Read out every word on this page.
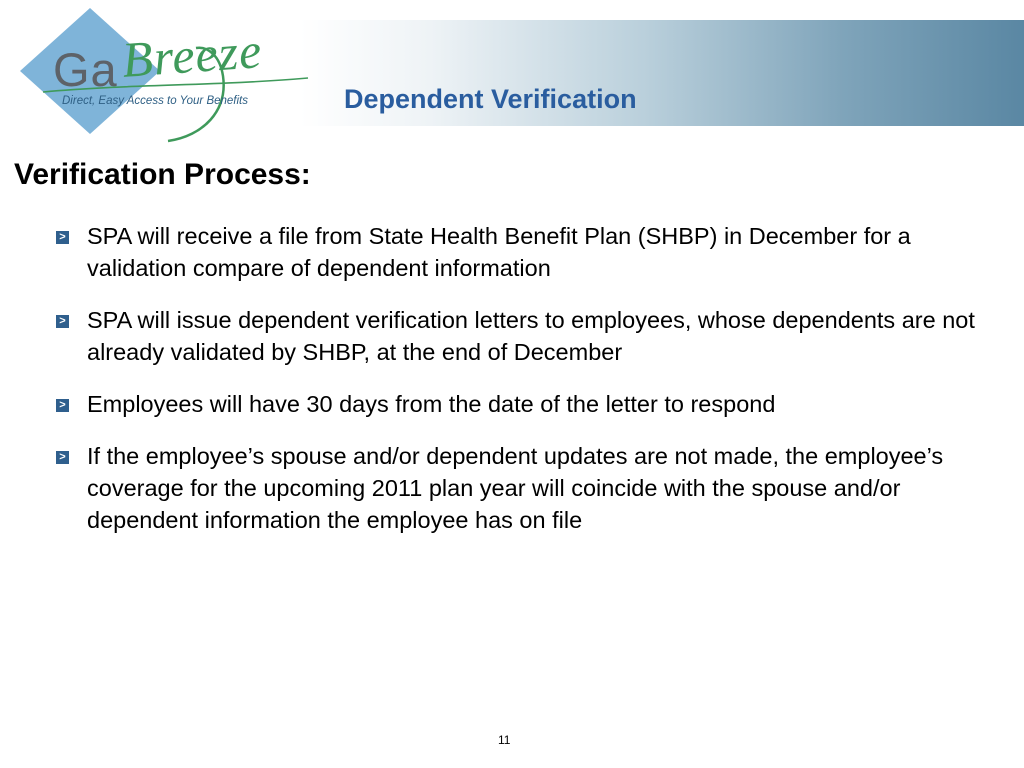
Ga Breeze
Direct, Easy Access to Your Benefits	Dependent Verification
Verification Process:
> SPA will receive a file from State Health Benefit Plan (SHBP) in December for a validation compare of dependent information
> SPA will issue dependent verification letters to employees, whose dependents are not already validated by SHBP, at the end of December
> Employees will have 30 days from the date of the letter to respond
> If the employee’s spouse and/or dependent updates are not made, the employee’s coverage for the upcoming 2011 plan year will coincide with the spouse and/or dependent information the employee has on file
11
